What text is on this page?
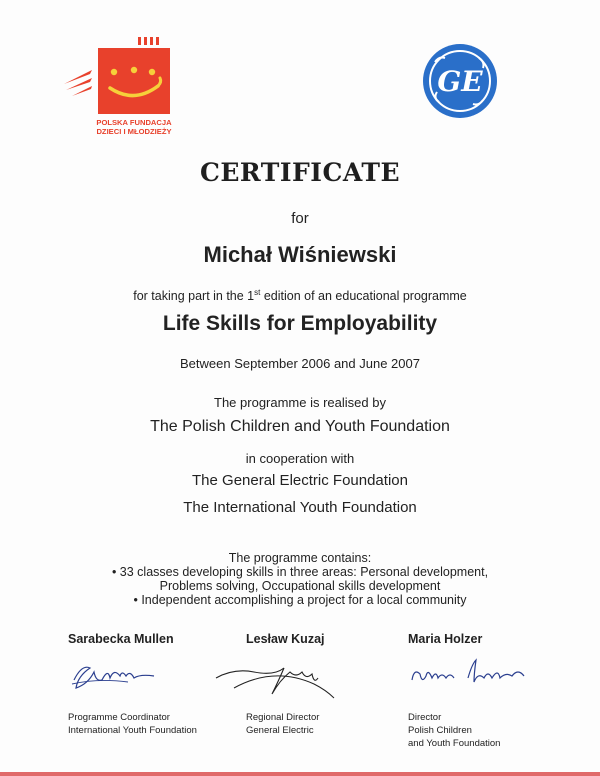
POLSKA FUNDACJA
DZIECI I MŁODZIEŻY
GE
CERTIFICATE
for
Michał Wiśniewski
for taking part in the 1st edition of an educational programme
Life Skills for Employability
Between September 2006 and June 2007
The programme is realised by
The Polish Children and Youth Foundation
in cooperation with
The General Electric Foundation
The International Youth Foundation
The programme contains:
• 33 classes developing skills in three areas: Personal development,
Problems solving, Occupational skills development
• Independent accomplishing a project for a local community
Sarabecka Mullen
Programme Coordinator
International Youth Foundation
Lesław Kuzaj
Regional Director
General Electric
Maria Holzer
Director
Polish Children
and Youth Foundation
